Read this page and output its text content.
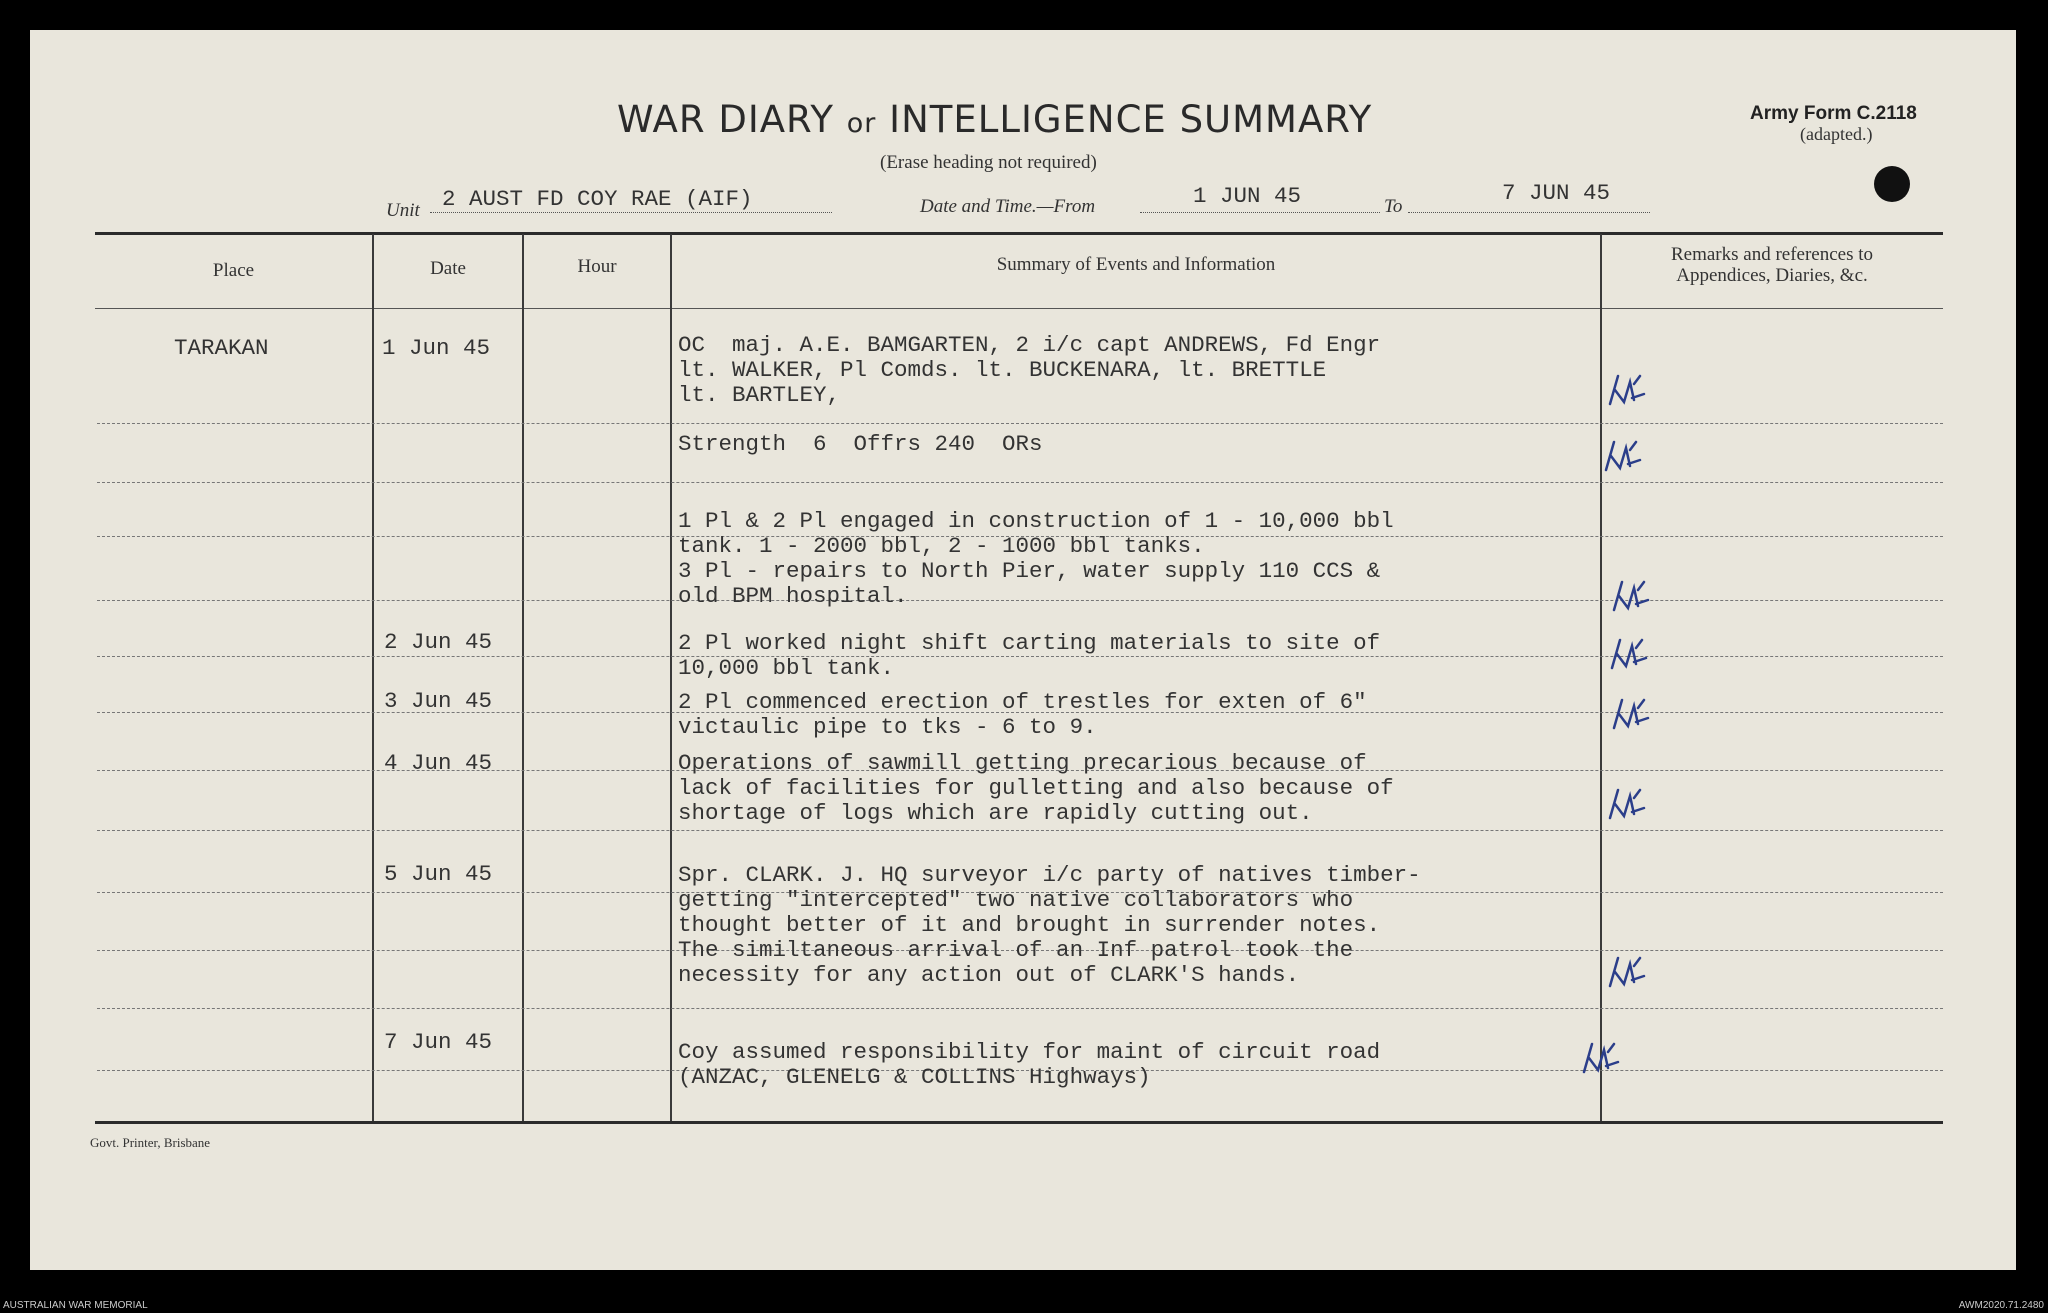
WAR DIARY or INTELLIGENCE SUMMARY
(Erase heading not required)
Army Form C.2118
(adapted.)
Unit 2 AUST FD COY RAE (AIF)	Date and Time.—From	1 JUN 45	To
7 JUN 45
Place	Date	Hour	Summary of Events and Information	Remarks and references to
Appendices, Diaries, &c.
TARAKAN	1 Jun 45	OC  maj. A.E. BAMGARTEN, 2 i/c capt ANDREWS, Fd Engr
lt. WALKER, Pl Comds. lt. BUCKENARA, lt. BRETTLE
lt. BARTLEY,
Strength  6  Offrs 240  ORs
1 Pl & 2 Pl engaged in construction of 1 - 10,000 bbl
tank. 1 - 2000 bbl, 2 - 1000 bbl tanks.
3 Pl - repairs to North Pier, water supply 110 CCS &
old BPM hospital.
2 Jun 45	2 Pl worked night shift carting materials to site of
10,000 bbl tank.
3 Jun 45	2 Pl commenced erection of trestles for exten of 6"
victaulic pipe to tks - 6 to 9.
4 Jun 45	Operations of sawmill getting precarious because of
lack of facilities for gulletting and also because of
shortage of logs which are rapidly cutting out.
5 Jun 45	Spr. CLARK. J. HQ surveyor i/c party of natives timber-
getting "intercepted" two native collaborators who
thought better of it and brought in surrender notes.
The similtaneous arrival of an Inf patrol took the
necessity for any action out of CLARK'S hands.
7 Jun 45	Coy assumed responsibility for maint of circuit road
(ANZAC, GLENELG & COLLINS Highways)
Govt. Printer, Brisbane
AUSTRALIAN WAR MEMORIAL	AWM2020.71.2480
